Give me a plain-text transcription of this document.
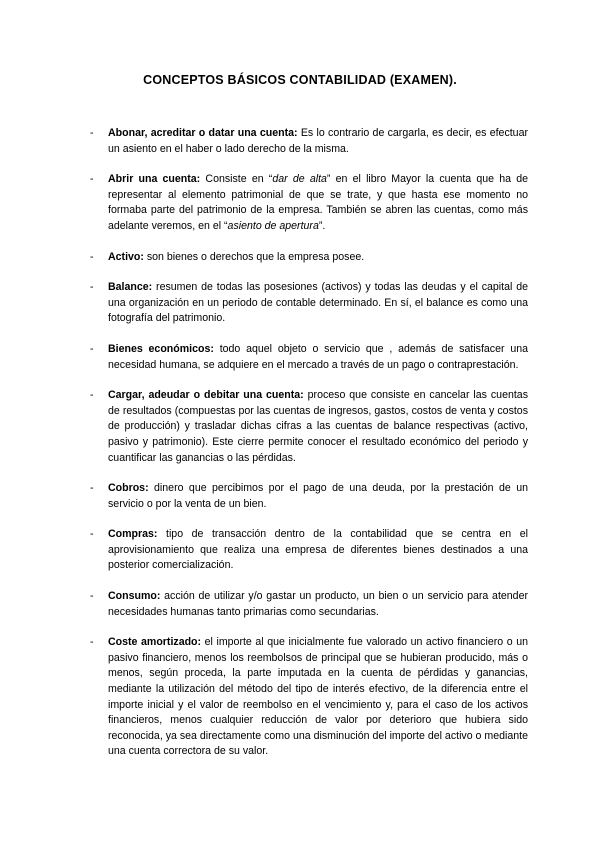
CONCEPTOS BÁSICOS CONTABILIDAD (EXAMEN).
- Abonar, acreditar o datar una cuenta: Es lo contrario de cargarla, es decir, es efectuar un asiento en el haber o lado derecho de la misma.
- Abrir una cuenta: Consiste en “dar de alta” en el libro Mayor la cuenta que ha de representar al elemento patrimonial de que se trate, y que hasta ese momento no formaba parte del patrimonio de la empresa. También se abren las cuentas, como más adelante veremos, en el “asiento de apertura”.
- Activo: son bienes o derechos que la empresa posee.
- Balance: resumen de todas las posesiones (activos) y todas las deudas y el capital de una organización en un periodo de contable determinado. En sí, el balance es como una fotografía del patrimonio.
- Bienes económicos: todo aquel objeto o servicio que , además de satisfacer una necesidad humana, se adquiere en el mercado a través de un pago o contraprestación.
- Cargar, adeudar o debitar una cuenta: proceso que consiste en cancelar las cuentas de resultados (compuestas por las cuentas de ingresos, gastos, costos de venta y costos de producción) y trasladar dichas cifras a las cuentas de balance respectivas (activo, pasivo y patrimonio). Este cierre permite conocer el resultado económico del periodo y cuantificar las ganancias o las pérdidas.
- Cobros: dinero que percibimos por el pago de una deuda, por la prestación de un servicio o por la venta de un bien.
- Compras: tipo de transacción dentro de la contabilidad que se centra en el aprovisionamiento que realiza una empresa de diferentes bienes destinados a una posterior comercialización.
- Consumo: acción de utilizar y/o gastar un producto, un bien o un servicio para atender necesidades humanas tanto primarias como secundarias.
- Coste amortizado: el importe al que inicialmente fue valorado un activo financiero o un pasivo financiero, menos los reembolsos de principal que se hubieran producido, más o menos, según proceda, la parte imputada en la cuenta de pérdidas y ganancias, mediante la utilización del método del tipo de interés efectivo, de la diferencia entre el importe inicial y el valor de reembolso en el vencimiento y, para el caso de los activos financieros, menos cualquier reducción de valor por deterioro que hubiera sido reconocida, ya sea directamente como una disminución del importe del activo o mediante una cuenta correctora de su valor.
